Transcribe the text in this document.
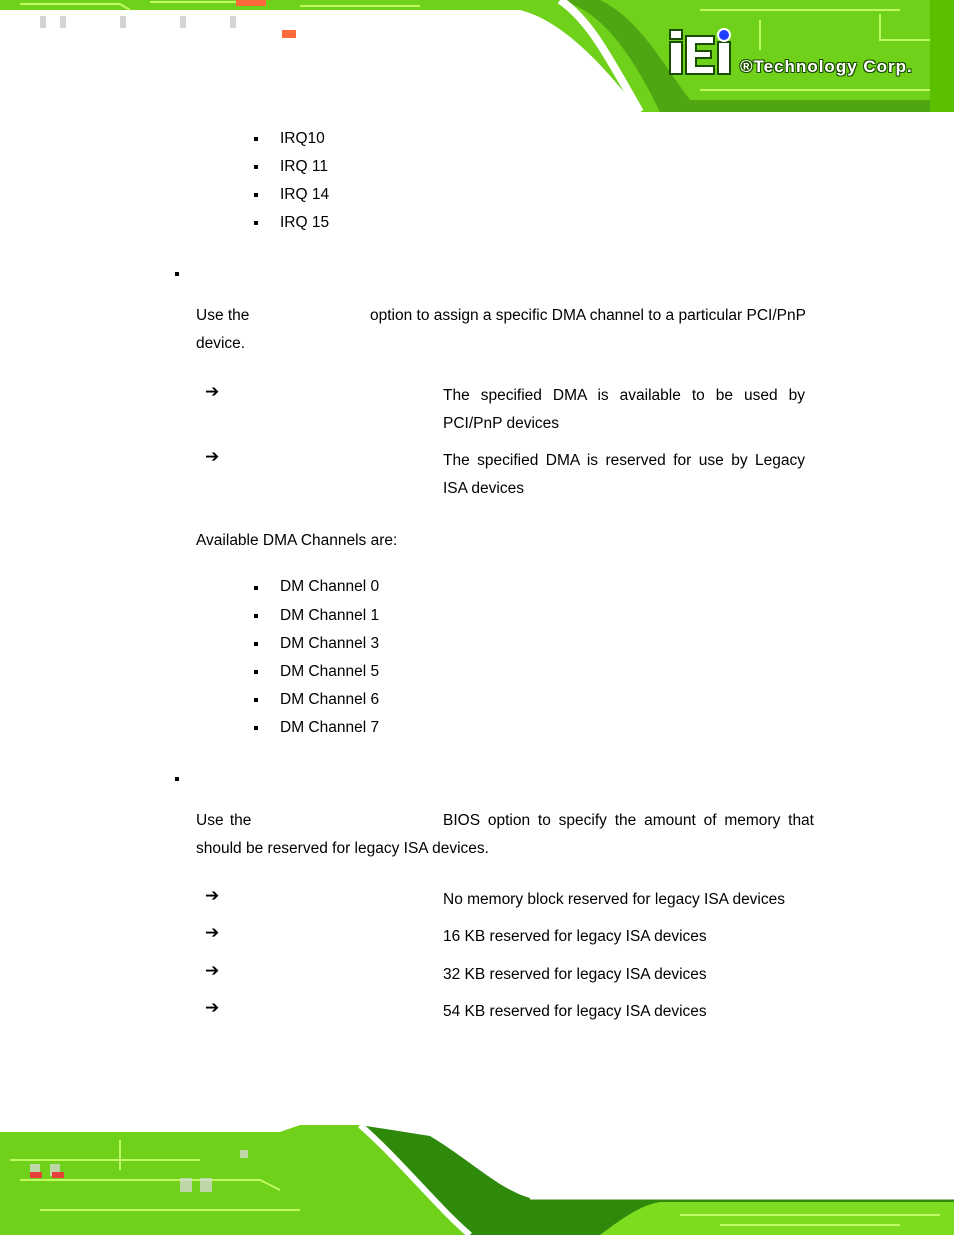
®Technology Corp.
IRQ10
IRQ 11
IRQ 14
IRQ 15
Use the	option to assign a specific DMA channel to a particular PCI/PnP
device.
➔	The specified DMA is available to be used by
PCI/PnP devices
➔	The specified DMA is reserved for use by Legacy
ISA devices
Available DMA Channels are:
DM Channel 0
DM Channel 1
DM Channel 3
DM Channel 5
DM Channel 6
DM Channel 7
Use the	BIOS option to specify the amount of memory that
should be reserved for legacy ISA devices.
➔	No memory block reserved for legacy ISA devices
➔	16 KB reserved for legacy ISA devices
➔	32 KB reserved for legacy ISA devices
➔	54 KB reserved for legacy ISA devices
